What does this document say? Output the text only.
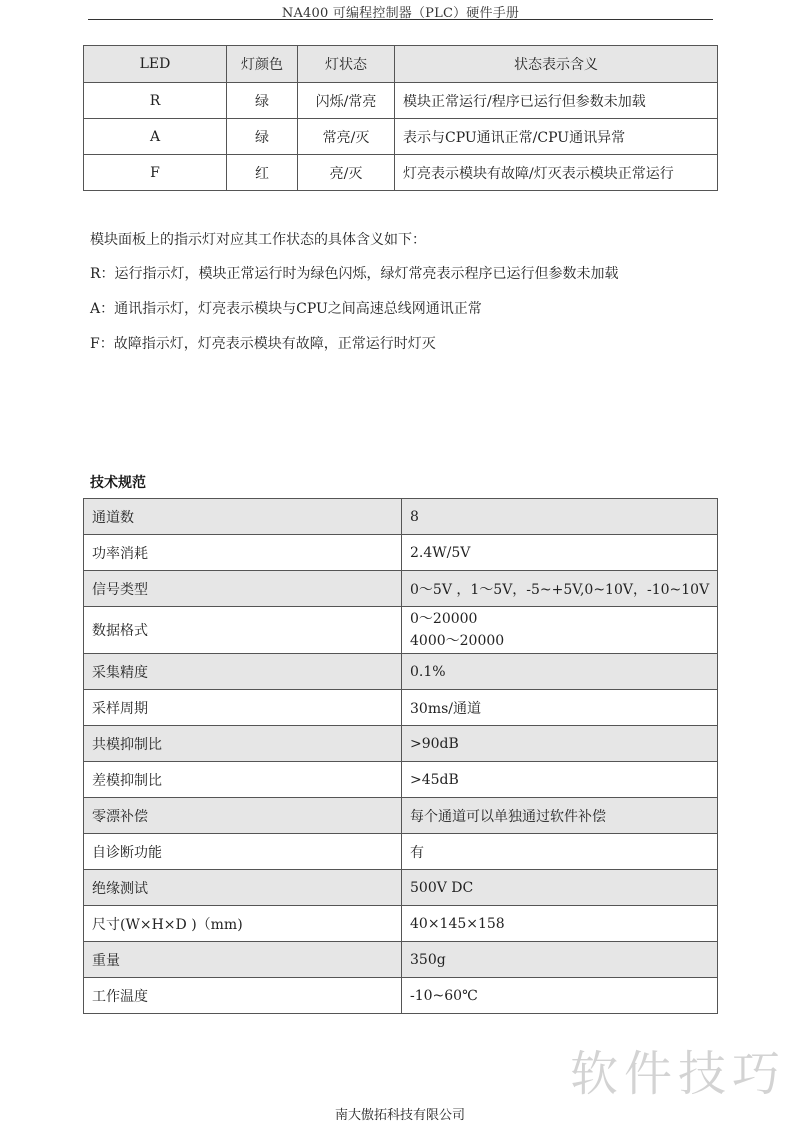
NA400 可编程控制器（PLC）硬件手册
LED	灯颜色	灯状态	状态表示含义
R	绿	闪烁/常亮	模块正常运行/程序已运行但参数未加载
A	绿	常亮/灭	表示与CPU通讯正常/CPU通讯异常
F	红	亮/灭	灯亮表示模块有故障/灯灭表示模块正常运行
模块面板上的指示灯对应其工作状态的具体含义如下：
R：运行指示灯，模块正常运行时为绿色闪烁，绿灯常亮表示程序已运行但参数未加载
A：通讯指示灯，灯亮表示模块与CPU之间高速总线网通讯正常
F：故障指示灯，灯亮表示模块有故障，正常运行时灯灭
技术规范
通道数	8
功率消耗	2.4W/5V
信号类型	0～5V ，1～5V，-5~+5V,0~10V，-10~10V
数据格式	0～20000
4000～20000

采集精度	0.1%
采样周期	30ms/通道
共模抑制比	>90dB
差模抑制比	>45dB
零漂补偿	每个通道可以单独通过软件补偿
自诊断功能	有
绝缘测试	500V DC
尺寸(W×H×D )（mm)	40×145×158
重量	350g
工作温度	-10~60℃
软件技巧
南大傲拓科技有限公司
